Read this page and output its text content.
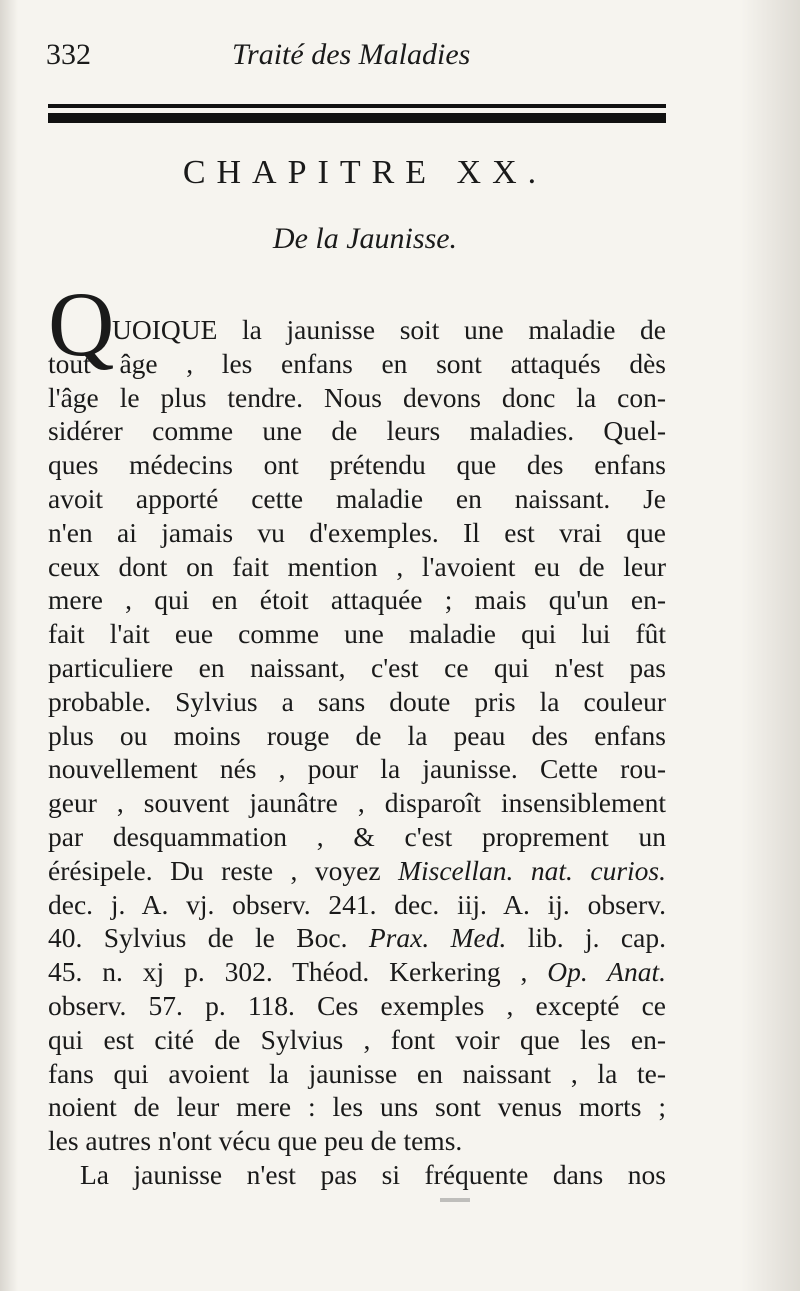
332	Traité des Maladies
CHAPITRE XX.
De la Jaunisse.
Q
UOIQUE la jaunisse soit une maladie de
tout âge , les enfans en sont attaqués dès
l'âge le plus tendre. Nous devons donc la con-
sidérer comme une de leurs maladies. Quel-
ques médecins ont prétendu que des enfans
avoit apporté cette maladie en naissant. Je
n'en ai jamais vu d'exemples. Il est vrai que
ceux dont on fait mention , l'avoient eu de leur
mere , qui en étoit attaquée ; mais qu'un en-
fait l'ait eue comme une maladie qui lui fût
particuliere en naissant, c'est ce qui n'est pas
probable. Sylvius a sans doute pris la couleur
plus ou moins rouge de la peau des enfans
nouvellement nés , pour la jaunisse. Cette rou-
geur , souvent jaunâtre , disparoît insensiblement
par desquammation , & c'est proprement un
érésipele. Du reste , voyez Miscellan. nat. curios.
dec. j. A. vj. observ. 241. dec. iij. A. ij. observ.
40. Sylvius de le Boc. Prax. Med. lib. j. cap.
45. n. xj p. 302. Théod. Kerkering , Op. Anat.
observ. 57. p. 118. Ces exemples , excepté ce
qui est cité de Sylvius , font voir que les en-
fans qui avoient la jaunisse en naissant , la te-
noient de leur mere : les uns sont venus morts ;
les autres n'ont vécu que peu de tems.
La jaunisse n'est pas si fréquente dans nos
